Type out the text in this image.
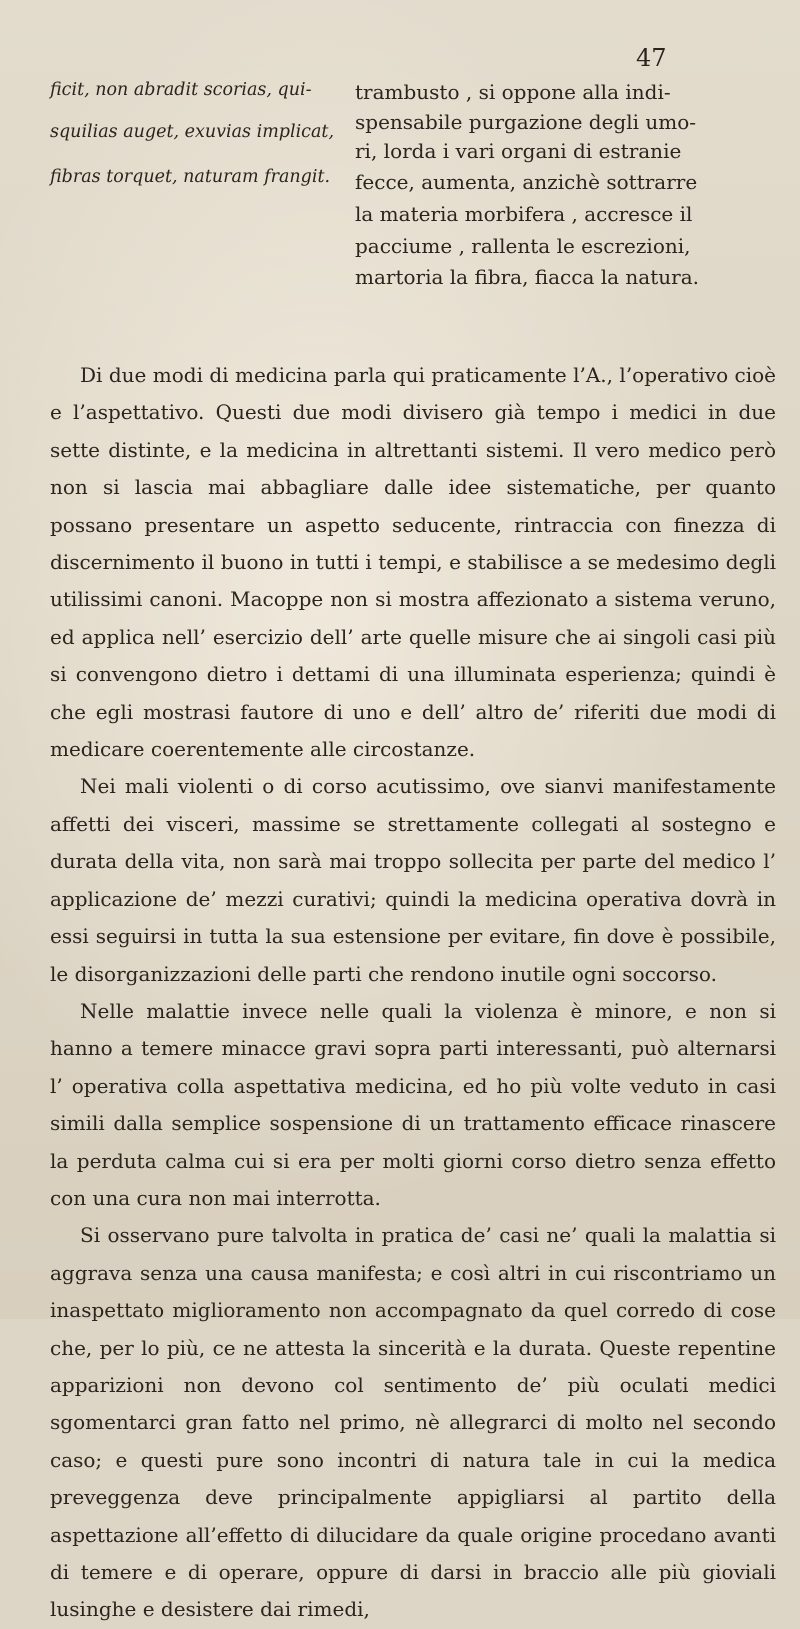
47
ficit, non abradit scorias, qui-
squilias auget, exuvias implicat,
fibras torquet, naturam frangit.
trambusto , si oppone alla indi-
spensabile purgazione degli umo-
ri, lorda i vari organi di estranie
fecce, aumenta, anzichè sottrarre
la materia morbifera , accresce il
pacciume , rallenta le escrezioni,
martoria la fibra, fiacca la natura.

Di due modi di medicina parla qui praticamente l’A., l’operativo cioè e l’aspettativo. Questi due modi divisero già tempo i medici in due sette distinte, e la medicina in altrettanti sistemi. Il vero medico però non si lascia mai abbagliare dalle idee sistematiche, per quanto possano presentare un aspetto seducente, rintraccia con finezza di discernimento il buono in tutti i tempi, e stabilisce a se medesimo degli utilissimi canoni. Macoppe non si mostra affezionato a sistema veruno, ed applica nell’ esercizio dell’ arte quelle misure che ai singoli casi più si convengono dietro i dettami di una illuminata esperienza; quindi è che egli mostrasi fautore di uno e dell’ altro de’ riferiti due modi di medicare coerentemente alle circostanze.

Nei mali violenti o di corso acutissimo, ove sianvi manifestamente affetti dei visceri, massime se strettamente collegati al sostegno e durata della vita, non sarà mai troppo sollecita per parte del medico l’ applicazione de’ mezzi curativi; quindi la medicina operativa dovrà in essi seguirsi in tutta la sua estensione per evitare, fin dove è possibile, le disorganizzazioni delle parti che rendono inutile ogni soccorso.

Nelle malattie invece nelle quali la violenza è minore, e non si hanno a temere minacce gravi sopra parti interessanti, può alternarsi l’ operativa colla aspettativa medicina, ed ho più volte veduto in casi simili dalla semplice sospensione di un trattamento efficace rinascere la perduta calma cui si era per molti giorni corso dietro senza effetto con una cura non mai interrotta.

Si osservano pure talvolta in pratica de’ casi ne’ quali la malattia si aggrava senza una causa manifesta; e così altri in cui riscontriamo un inaspettato miglioramento non accompagnato da quel corredo di cose che, per lo più, ce ne attesta la sincerità e la durata. Queste repentine apparizioni non devono col sentimento de’ più oculati medici sgomentarci gran fatto nel primo, nè allegrarci di molto nel secondo caso; e questi pure sono incontri di natura tale in cui la medica preveggenza deve principalmente appigliarsi al partito della aspettazione all’effetto di dilucidare da quale origine procedano avanti di temere e di operare, oppure di darsi in braccio alle più gioviali lusinghe e desistere dai rimedi,
